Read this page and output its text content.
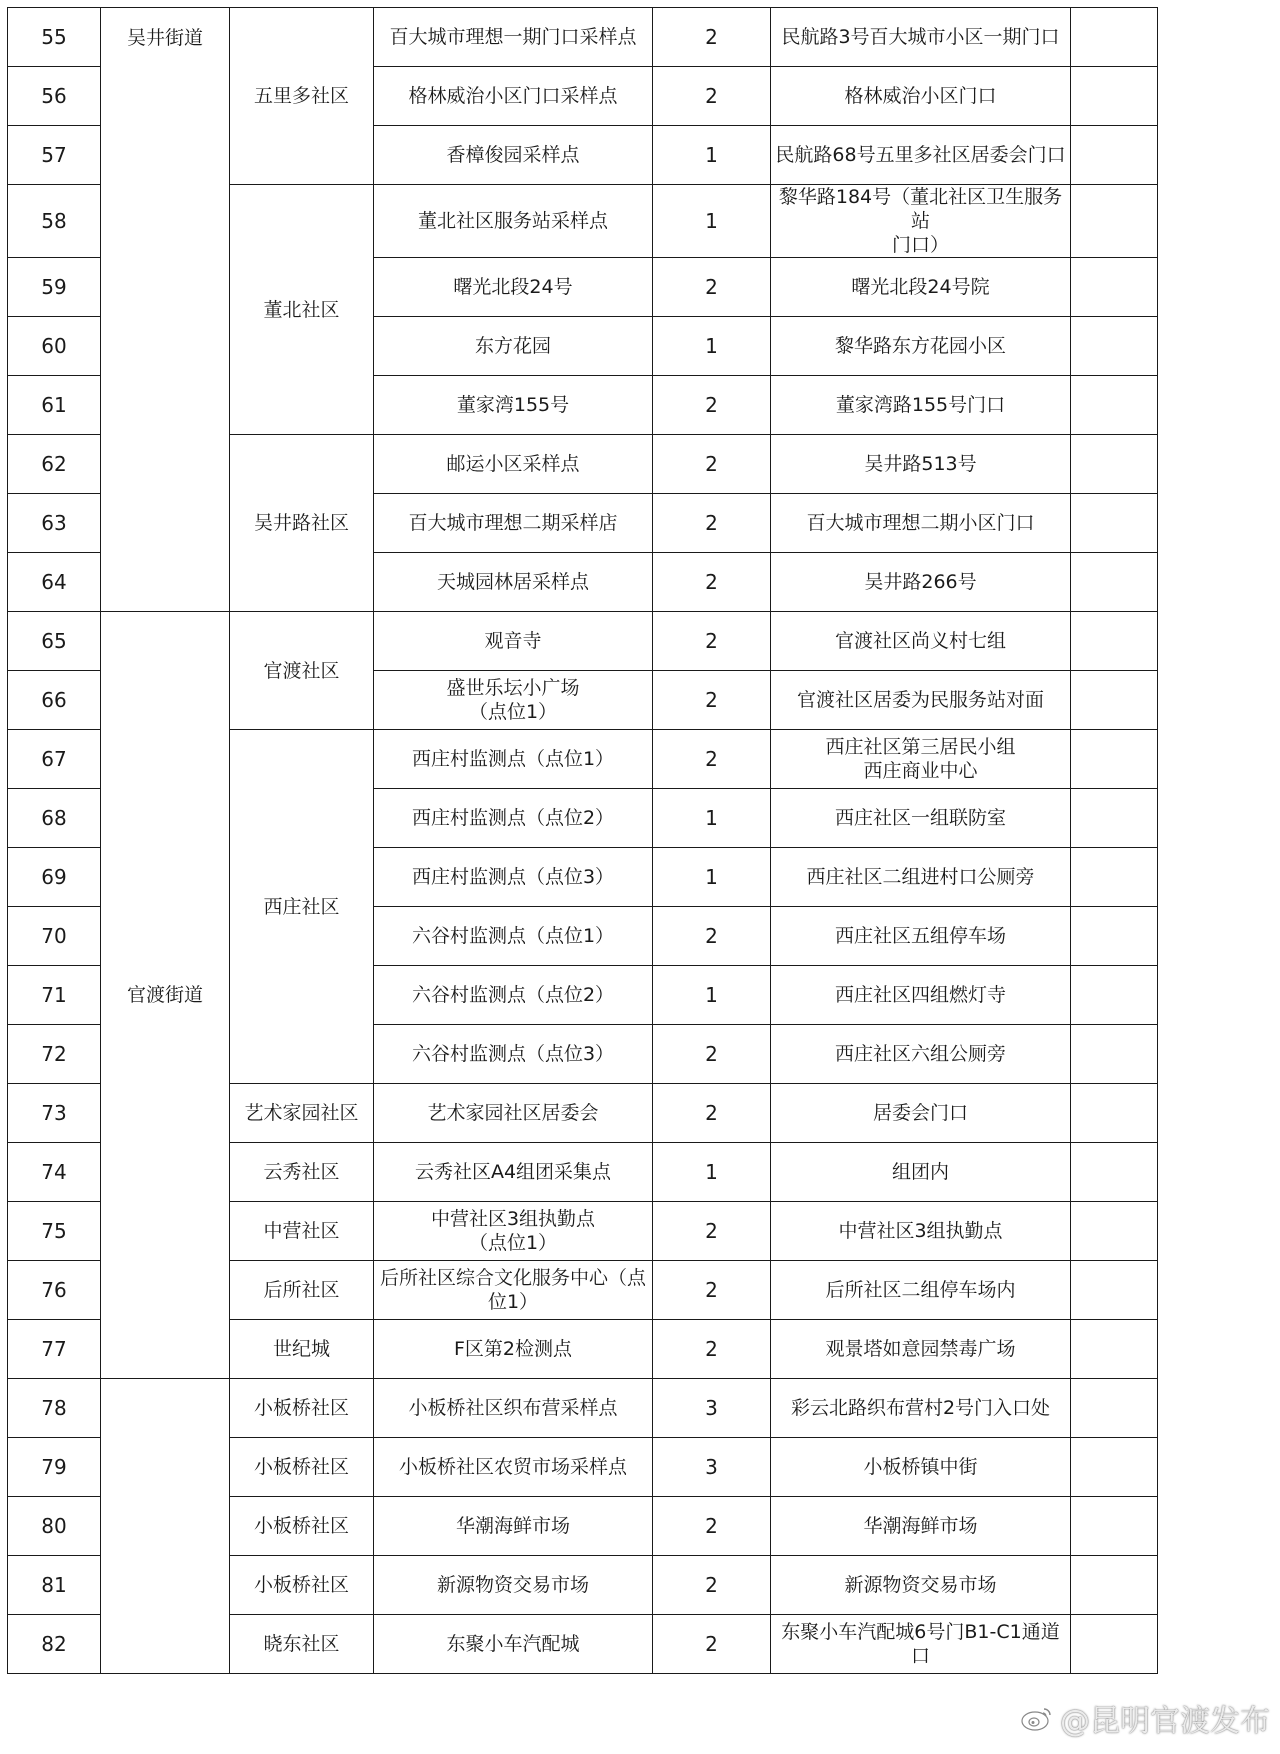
55	吴井街道	五里多社区	百大城市理想一期门口采样点	2	民航路3号百大城市小区一期门口	
56			格林威治小区门口采样点	2	格林威治小区门口	
57			香樟俊园采样点	1	民航路68号五里多社区居委会门口	
58		董北社区	董北社区服务站采样点	1	黎华路184号（董北社区卫生服务站
门口）	
59			曙光北段24号	2	曙光北段24号院	
60			东方花园	1	黎华路东方花园小区	
61			董家湾155号	2	董家湾路155号门口	
62		吴井路社区	邮运小区采样点	2	吴井路513号	
63			百大城市理想二期采样店	2	百大城市理想二期小区门口	
64			天城园林居采样点	2	吴井路266号	
65	官渡街道	官渡社区	观音寺	2	官渡社区尚义村七组	
66			盛世乐坛小广场
（点位1）	2	官渡社区居委为民服务站对面	
67		西庄社区	西庄村监测点（点位1）	2	西庄社区第三居民小组
西庄商业中心	
68			西庄村监测点（点位2）	1	西庄社区一组联防室	
69			西庄村监测点（点位3）	1	西庄社区二组进村口公厕旁	
70			六谷村监测点（点位1）	2	西庄社区五组停车场	
71			六谷村监测点（点位2）	1	西庄社区四组燃灯寺	
72			六谷村监测点（点位3）	2	西庄社区六组公厕旁	
73		艺术家园社区	艺术家园社区居委会	2	居委会门口	
74		云秀社区	云秀社区A4组团采集点	1	组团内	
75		中营社区	中营社区3组执勤点
（点位1）	2	中营社区3组执勤点	
76		后所社区	后所社区综合文化服务中心（点位1）	2	后所社区二组停车场内	
77		世纪城	F区第2检测点	2	观景塔如意园禁毒广场	
78		小板桥社区	小板桥社区织布营采样点	3	彩云北路织布营村2号门入口处	
79		小板桥社区	小板桥社区农贸市场采样点	3	小板桥镇中街	
80		小板桥社区	华潮海鲜市场	2	华潮海鲜市场	
81		小板桥社区	新源物资交易市场	2	新源物资交易市场	
82		晓东社区	东聚小车汽配城	2	东聚小车汽配城6号门B1-C1通道口	
@昆明官渡发布
